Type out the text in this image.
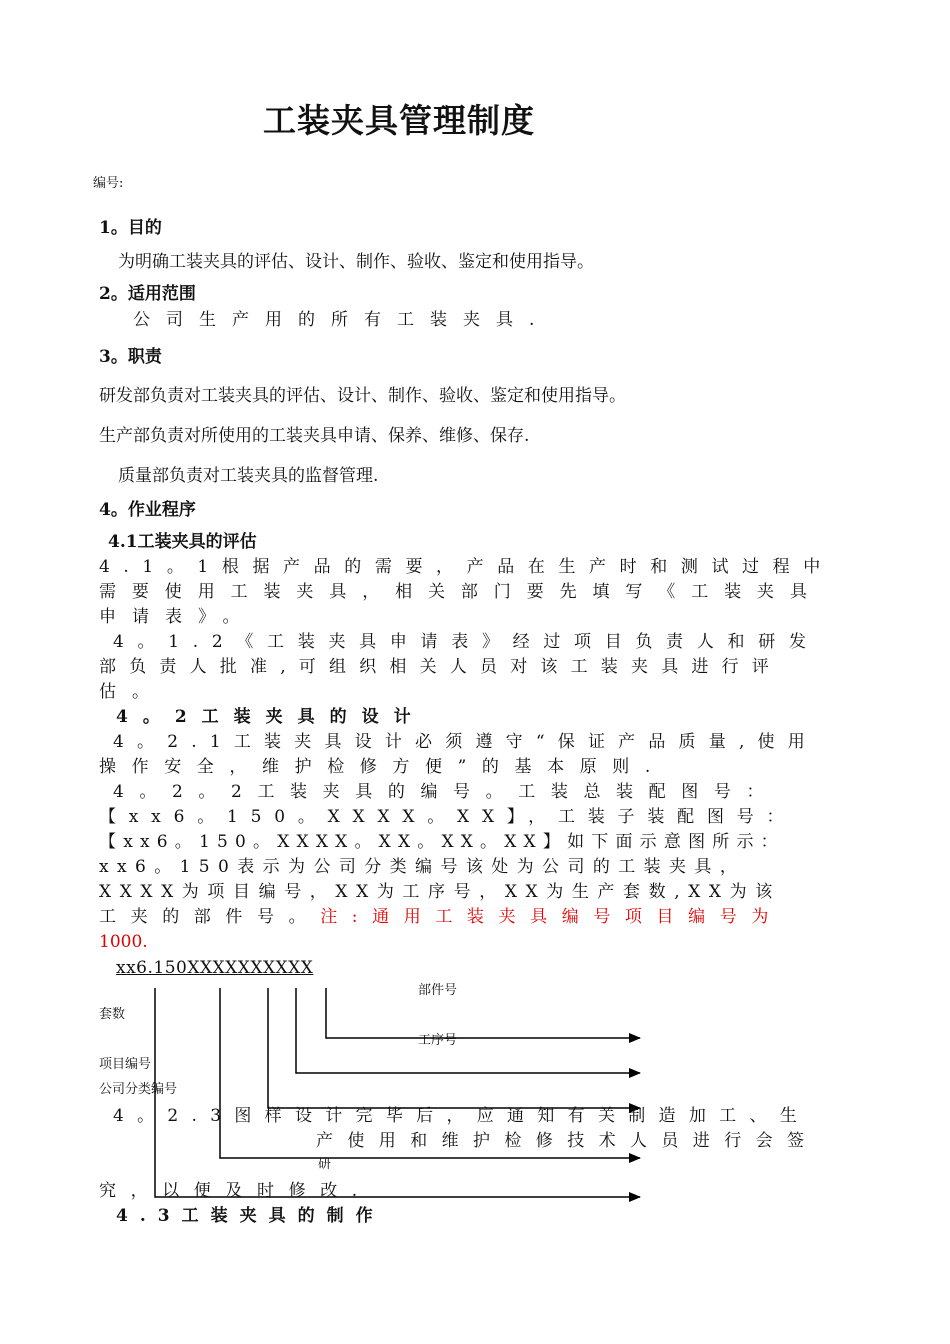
工装夹具管理制度
编号:
1。目的
为明确工装夹具的评估、设计、制作、验收、鉴定和使用指导。
2。适用范围
公司生产用的所有工装夹具.
3。职责
研发部负责对工装夹具的评估、设计、制作、验收、鉴定和使用指导。
生产部负责对所使用的工装夹具申请、保养、维修、保存.
质量部负责对工装夹具的监督管理.
4。作业程序
4.1工装夹具的评估
4.1。1根据产品的需要，产品在生产时和测试过程中
需要使用工装夹具，相关部门要先填写《工装夹具
申请表》。
4。1.2《工装夹具申请表》经过项目负责人和研发
部负责人批准,可组织相关人员对该工装夹具进行评
估。
4。2工装夹具的设计
4。2.1工装夹具设计必须遵守“保证产品质量,使用
操作安全，维护检修方便”的基本原则.
4。2。2工装夹具的编号。工装总装配图号：
【xx6。150。XXXX。XX】，工装子装配图号：
【xx6。150。XXXX。XX。XX。XX】如下面示意图所示：
xx6。150表示为公司分类编号该处为公司的工装夹具，
XXXX为项目编号，XX为工序号，XX为生产套数,XX为该
工夹的部件号。注:通用工装夹具编号项目编号为
1000.
xx6.150XXXXXXXXXX
部件号
套数
工序号
项目编号
公司分类编号
4。2.3图样设计完毕后，应通知有关制造加工、生
产使用和维护检修技术人员进行会签
研
究，以便及时修改.
4.3工装夹具的制作
